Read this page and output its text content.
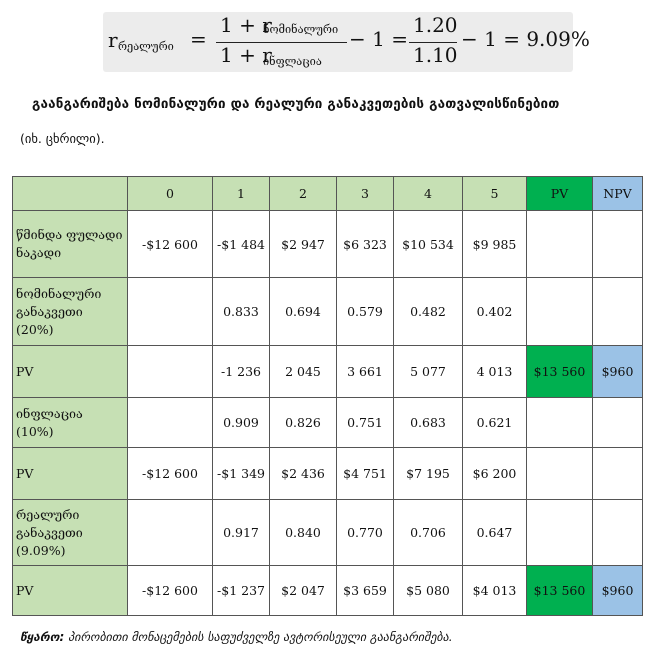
r რეალური =
1 + r
ნომინალური
1 + r
ინფლაცია
− 1 =
1.20
1.10
− 1 = 9.09%
გაანგარიშება ნომინალური და რეალური განაკვეთების გათვალისწინებით
(იხ. ცხრილი).
	0	1	2	3	4	5	PV	NPV
წმინდა ფულადი ნაკადი	-$12 600	-$1 484	$2 947	$6 323	$10 534	$9 985		
ნომინალური განაკვეთი (20%)		0.833	0.694	0.579	0.482	0.402		
PV		-1 236	2 045	3 661	5 077	4 013	$13 560	$960
ინფლაცია (10%)		0.909	0.826	0.751	0.683	0.621		
PV	-$12 600	-$1 349	$2 436	$4 751	$7 195	$6 200		
რეალური განაკვეთი (9.09%)		0.917	0.840	0.770	0.706	0.647		
PV	-$12 600	-$1 237	$2 047	$3 659	$5 080	$4 013	$13 560	$960
წყარო: პირობითი მონაცემების საფუძველზე ავტორისეული გაანგარიშება.
